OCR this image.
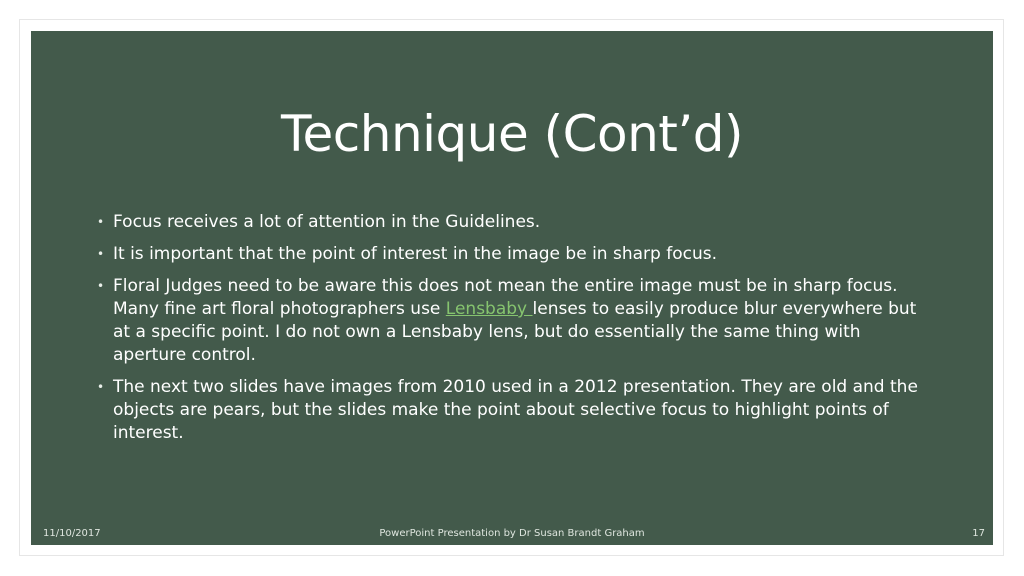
Technique (Cont’d)
• Focus receives a lot of attention in the Guidelines.
• It is important that the point of interest in the image be in sharp focus.
• Floral Judges need to be aware this does not mean the entire image must be in sharp focus. Many fine art floral photographers use Lensbaby lenses to easily produce blur everywhere but at a specific point. I do not own a Lensbaby lens, but do essentially the same thing with aperture control.
• The next two slides have images from 2010 used in a 2012 presentation. They are old and the objects are pears, but the slides make the point about selective focus to highlight points of interest.
11/10/2017	PowerPoint Presentation by Dr Susan Brandt Graham	17
